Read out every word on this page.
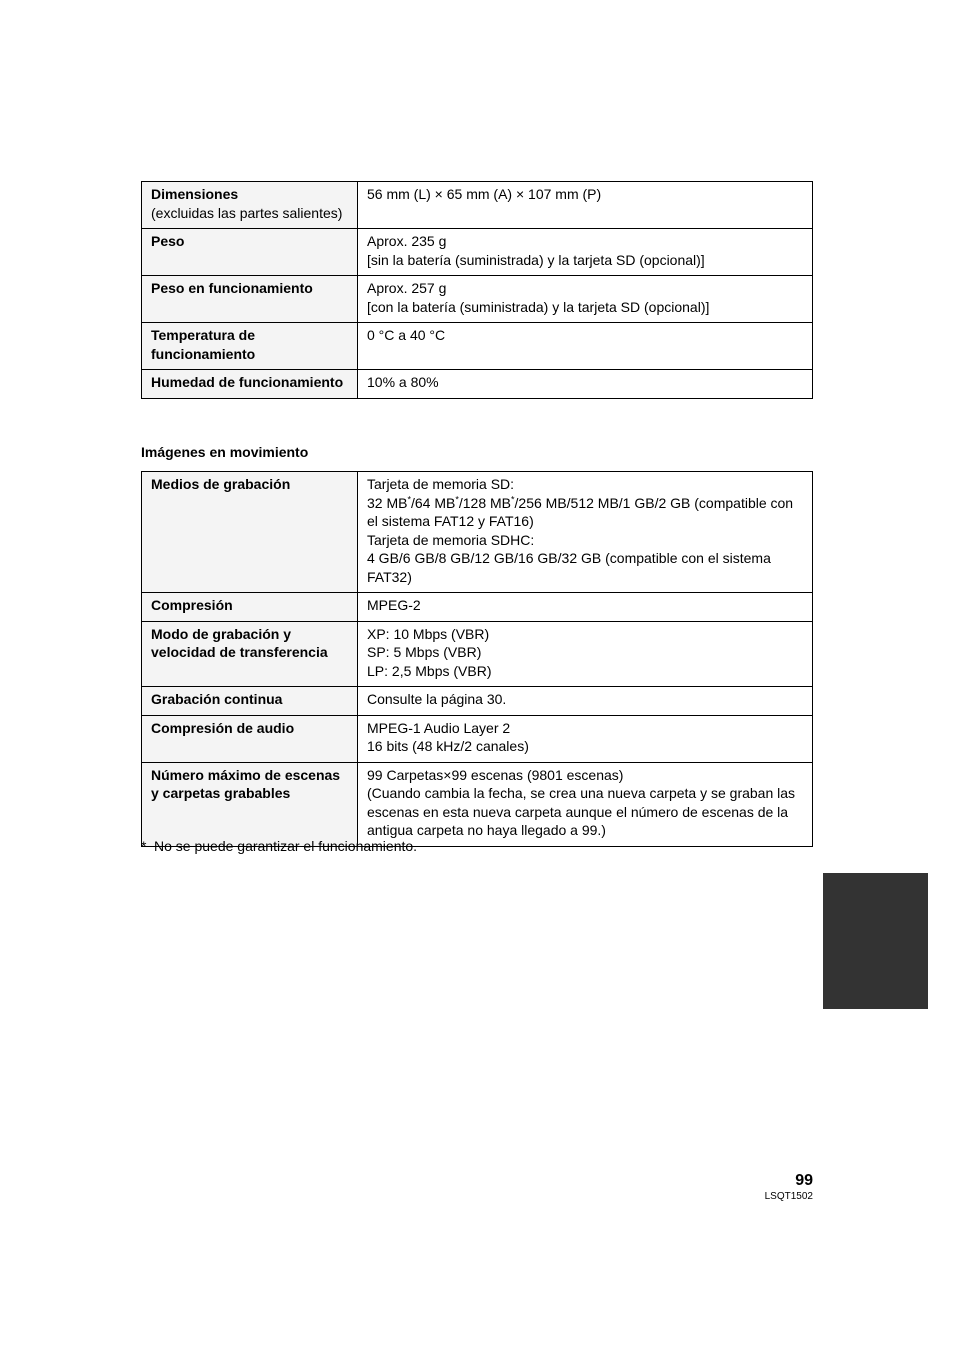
Dimensiones
(excluidas las partes salientes)	56 mm (L) × 65 mm (A) × 107 mm (P)

Peso	Aprox. 235 g
[sin la batería (suministrada) y la tarjeta SD (opcional)]

Peso en funcionamiento	Aprox. 257 g
[con la batería (suministrada) y la tarjeta SD (opcional)]

Temperatura de funcionamiento	0 °C a 40 °C

Humedad de funcionamiento	10% a 80%
Imágenes en movimiento
Medios de grabación	Tarjeta de memoria SD:
32 MB*/64 MB*/128 MB*/256 MB/512 MB/1 GB/2 GB (compatible con el sistema FAT12 y FAT16)
Tarjeta de memoria SDHC:
4 GB/6 GB/8 GB/12 GB/16 GB/32 GB (compatible con el sistema FAT32)

Compresión	MPEG-2

Modo de grabación y velocidad de transferencia	XP: 10 Mbps (VBR)
SP: 5 Mbps (VBR)
LP: 2,5 Mbps (VBR)

Grabación continua	Consulte la página 30.

Compresión de audio	MPEG-1 Audio Layer 2
16 bits (48 kHz/2 canales)

Número máximo de escenas y carpetas grabables	99 Carpetas×99 escenas (9801 escenas)
(Cuando cambia la fecha, se crea una nueva carpeta y se graban las escenas en esta nueva carpeta aunque el número de escenas de la antigua carpeta no haya llegado a 99.)
* No se puede garantizar el funcionamiento.
99
LSQT1502
